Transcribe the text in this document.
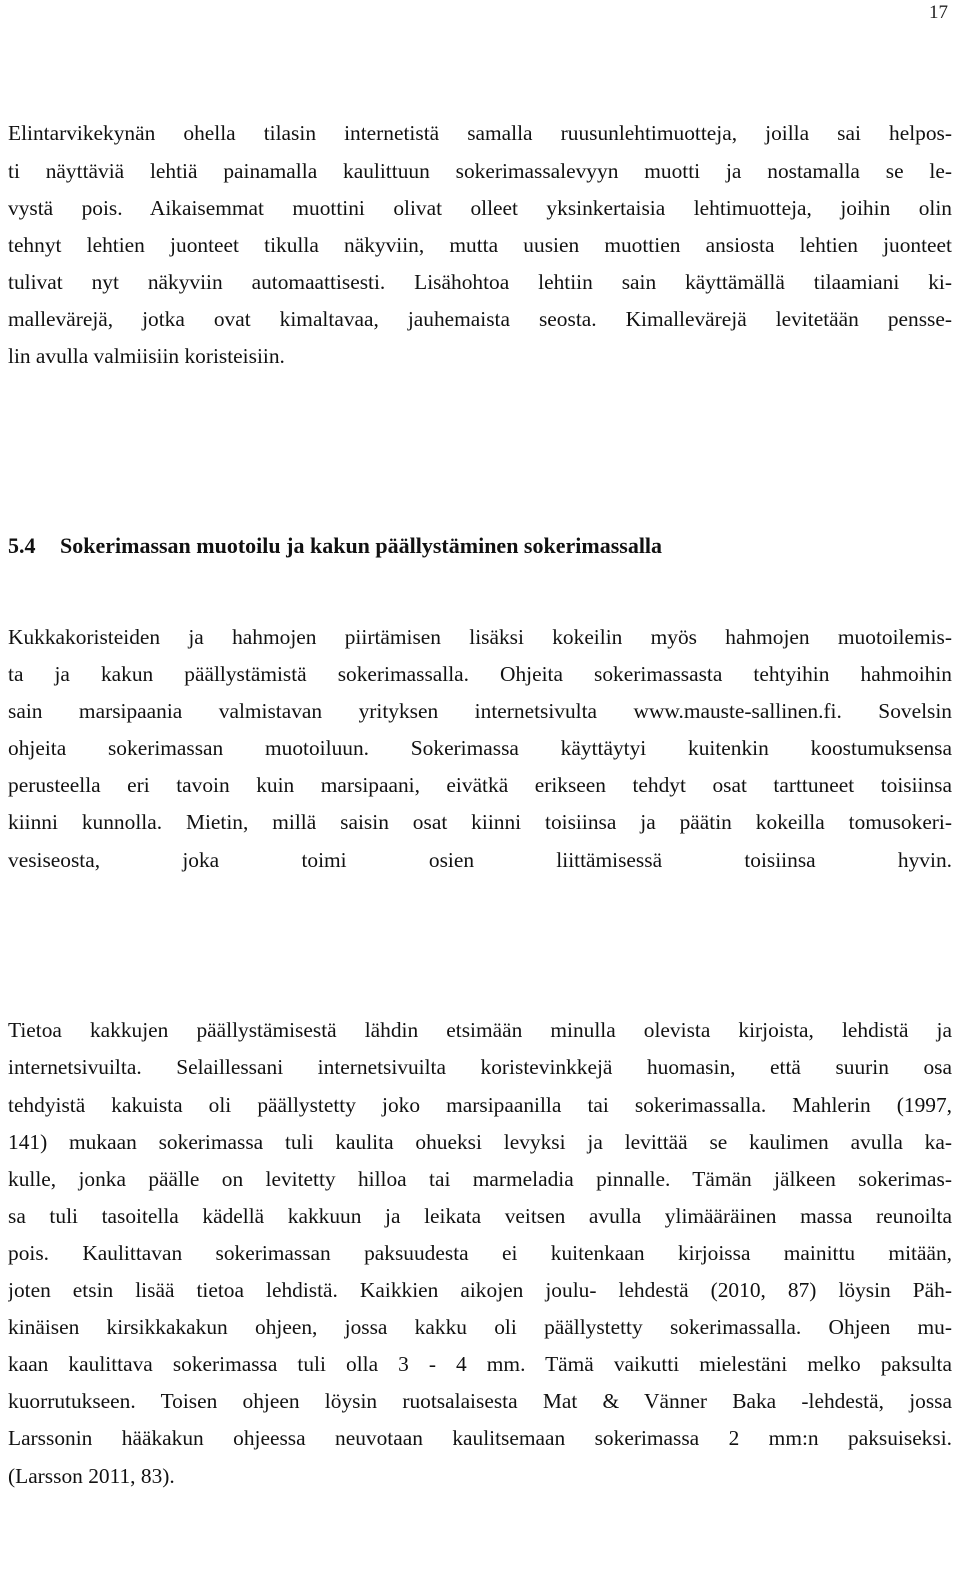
17
Elintarvikekynän ohella tilasin internetistä samalla ruusunlehtimuotteja, joilla sai helpos-
ti näyttäviä lehtiä painamalla kaulittuun sokerimassalevyyn muotti ja nostamalla se le-
vystä pois. Aikaisemmat muottini olivat olleet yksinkertaisia lehtimuotteja, joihin olin
tehnyt lehtien juonteet tikulla näkyviin, mutta uusien muottien ansiosta lehtien juonteet
tulivat nyt näkyviin automaattisesti. Lisähohtoa lehtiin sain käyttämällä tilaamiani ki-
mallevärejä, jotka ovat kimaltavaa, jauhemaista seosta. Kimallevärejä levitetään pensse-
lin avulla valmiisiin koristeisiin.
5.4 Sokerimassan muotoilu ja kakun päällystäminen sokerimassalla
Kukkakoristeiden ja hahmojen piirtämisen lisäksi kokeilin myös hahmojen muotoilemis-
ta ja kakun päällystämistä sokerimassalla. Ohjeita sokerimassasta tehtyihin hahmoihin
sain marsipaania valmistavan yrityksen internetsivulta www.mauste-sallinen.fi. Sovelsin
ohjeita sokerimassan muotoiluun. Sokerimassa käyttäytyi kuitenkin koostumuksensa
perusteella eri tavoin kuin marsipaani, eivätkä erikseen tehdyt osat tarttuneet toisiinsa
kiinni kunnolla. Mietin, millä saisin osat kiinni toisiinsa ja päätin kokeilla tomusokeri-
vesiseosta, joka toimi osien liittämisessä toisiinsa hyvin.
Tietoa kakkujen päällystämisestä lähdin etsimään minulla olevista kirjoista, lehdistä ja
internetsivuilta. Selaillessani internetsivuilta koristevinkkejä huomasin, että suurin osa
tehdyistä kakuista oli päällystetty joko marsipaanilla tai sokerimassalla. Mahlerin (1997,
141) mukaan sokerimassa tuli kaulita ohueksi levyksi ja levittää se kaulimen avulla ka-
kulle, jonka päälle on levitetty hilloa tai marmeladia pinnalle. Tämän jälkeen sokerimas-
sa tuli tasoitella kädellä kakkuun ja leikata veitsen avulla ylimääräinen massa reunoilta
pois. Kaulittavan sokerimassan paksuudesta ei kuitenkaan kirjoissa mainittu mitään,
joten etsin lisää tietoa lehdistä. Kaikkien aikojen joulu- lehdestä (2010, 87) löysin Päh-
kinäisen kirsikkakakun ohjeen, jossa kakku oli päällystetty sokerimassalla. Ohjeen mu-
kaan kaulittava sokerimassa tuli olla 3 - 4 mm. Tämä vaikutti mielestäni melko paksulta
kuorrutukseen. Toisen ohjeen löysin ruotsalaisesta Mat & Vänner Baka -lehdestä, jossa
Larssonin hääkakun ohjeessa neuvotaan kaulitsemaan sokerimassa 2 mm:n paksuiseksi.
(Larsson 2011, 83).
